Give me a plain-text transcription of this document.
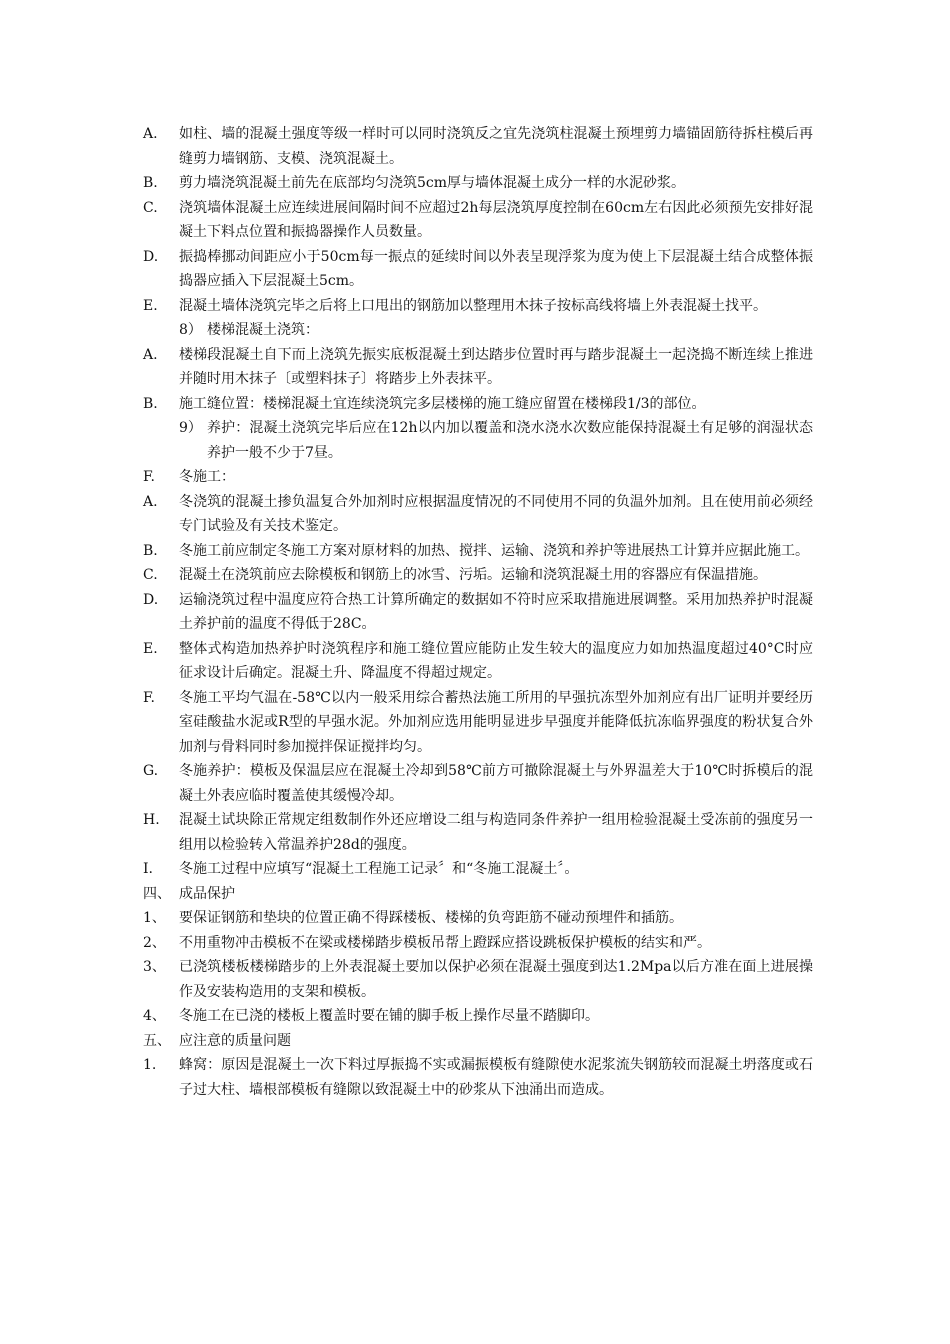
A.	如柱、墙的混凝土强度等级一样时可以同时浇筑反之宜先浇筑柱混凝土预埋剪力墙锚固筋待拆柱模后再缝剪力墙钢筋、支模、浇筑混凝土。
B.	剪力墙浇筑混凝土前先在底部均匀浇筑5cm厚与墙体混凝土成分一样的水泥砂浆。
C.	浇筑墙体混凝土应连续进展间隔时间不应超过2h每层浇筑厚度控制在60cm左右因此必须预先安排好混凝土下料点位置和振捣器操作人员数量。
D.	振捣棒挪动间距应小于50cm每一振点的延续时间以外表呈现浮浆为度为使上下层混凝土结合成整体振捣器应插入下层混凝土5cm。
E.	混凝土墙体浇筑完毕之后将上口甩出的钢筋加以整理用木抹子按标高线将墙上外表混凝土找平。
8） 楼梯混凝土浇筑：
A.	楼梯段混凝土自下而上浇筑先振实底板混凝土到达踏步位置时再与踏步混凝土一起浇捣不断连续上推进并随时用木抹子〔或塑料抹子〕将踏步上外表抹平。
B.	施工缝位置：楼梯混凝土宜连续浇筑完多层楼梯的施工缝应留置在楼梯段1/3的部位。
9） 养护：混凝土浇筑完毕后应在12h以内加以覆盖和浇水浇水次数应能保持混凝土有足够的润湿状态养护一般不少于7昼。
F.	冬施工：
A.	冬浇筑的混凝土掺负温复合外加剂时应根据温度情况的不同使用不同的负温外加剂。且在使用前必须经专门试验及有关技术鉴定。
B.	冬施工前应制定冬施工方案对原材料的加热、搅拌、运输、浇筑和养护等进展热工计算并应据此施工。
C.	混凝土在浇筑前应去除模板和钢筋上的冰雪、污垢。运输和浇筑混凝土用的容器应有保温措施。
D.	运输浇筑过程中温度应符合热工计算所确定的数据如不符时应采取措施进展调整。采用加热养护时混凝土养护前的温度不得低于28C。
E.	整体式构造加热养护时浇筑程序和施工缝位置应能防止发生较大的温度应力如加热温度超过40°C时应征求设计后确定。混凝土升、降温度不得超过规定。
F.	冬施工平均气温在-58℃以内一般采用综合蓄热法施工所用的早强抗冻型外加剂应有出厂证明并要经历室硅酸盐水泥或R型的早强水泥。外加剂应选用能明显进步早强度并能降低抗冻临界强度的粉状复合外加剂与骨料同时参加搅拌保证搅拌均匀。
G.	冬施养护：模板及保温层应在混凝土冷却到58℃前方可撤除混凝土与外界温差大于10℃时拆模后的混凝土外表应临时覆盖使其缓慢冷却。
H.	混凝土试块除正常规定组数制作外还应增设二组与构造同条件养护一组用检验混凝土受冻前的强度另一组用以检验转入常温养护28d的强度。
I.	冬施工过程中应填写“混凝土工程施工记录〞和“冬施工混凝土〞。
四、 成品保护
1、 要保证钢筋和垫块的位置正确不得踩楼板、楼梯的负弯距筋不碰动预埋件和插筋。
2、 不用重物冲击模板不在梁或楼梯踏步模板吊帮上蹬踩应搭设跳板保护模板的结实和严。
3、 已浇筑楼板楼梯踏步的上外表混凝土要加以保护必须在混凝土强度到达1.2Mpa以后方准在面上进展操作及安装构造用的支架和模板。
4、 冬施工在已浇的楼板上覆盖时要在铺的脚手板上操作尽量不踏脚印。
五、 应注意的质量问题
1.	蜂窝：原因是混凝土一次下料过厚振捣不实或漏振模板有缝隙使水泥浆流失钢筋较而混凝土坍落度或石子过大柱、墙根部模板有缝隙以致混凝土中的砂浆从下浊涌出而造成。
